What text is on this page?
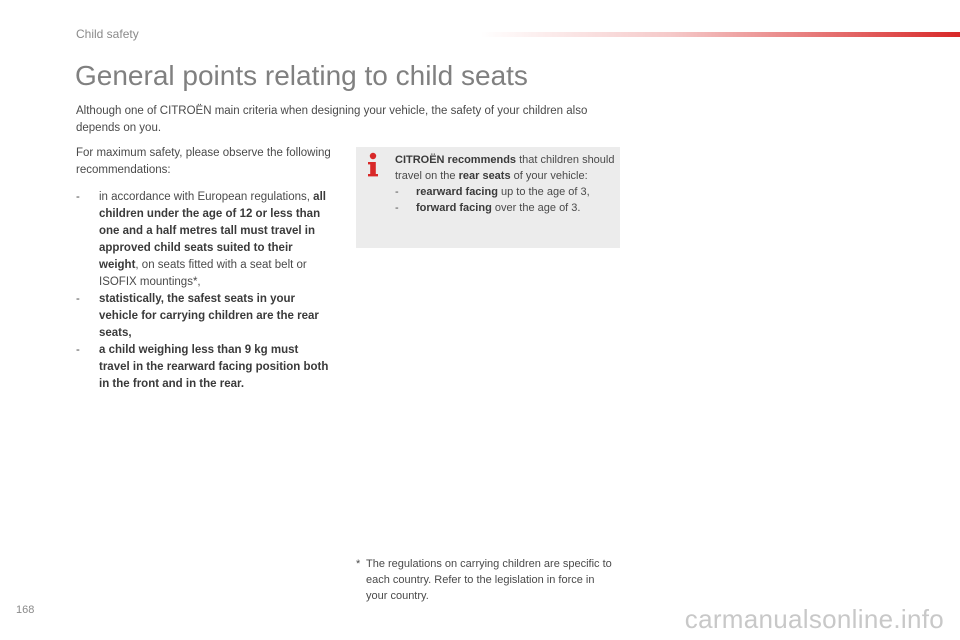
Child safety
General points relating to child seats
Although one of CITROËN main criteria when designing your vehicle, the safety of your children also depends on you.

For maximum safety, please observe the following recommendations:

- in accordance with European regulations, all children under the age of 12 or less than one and a half metres tall must travel in approved child seats suited to their weight, on seats fitted with a seat belt or ISOFIX mountings*,
- statistically, the safest seats in your vehicle for carrying children are the rear seats,
- a child weighing less than 9 kg must travel in the rearward facing position both in the front and in the rear.
CITROËN recommends that children should travel on the rear seats of your vehicle:
- rearward facing up to the age of 3,
- forward facing over the age of 3.
* The regulations on carrying children are specific to each country. Refer to the legislation in force in your country.
168	carmanualsonline.info
